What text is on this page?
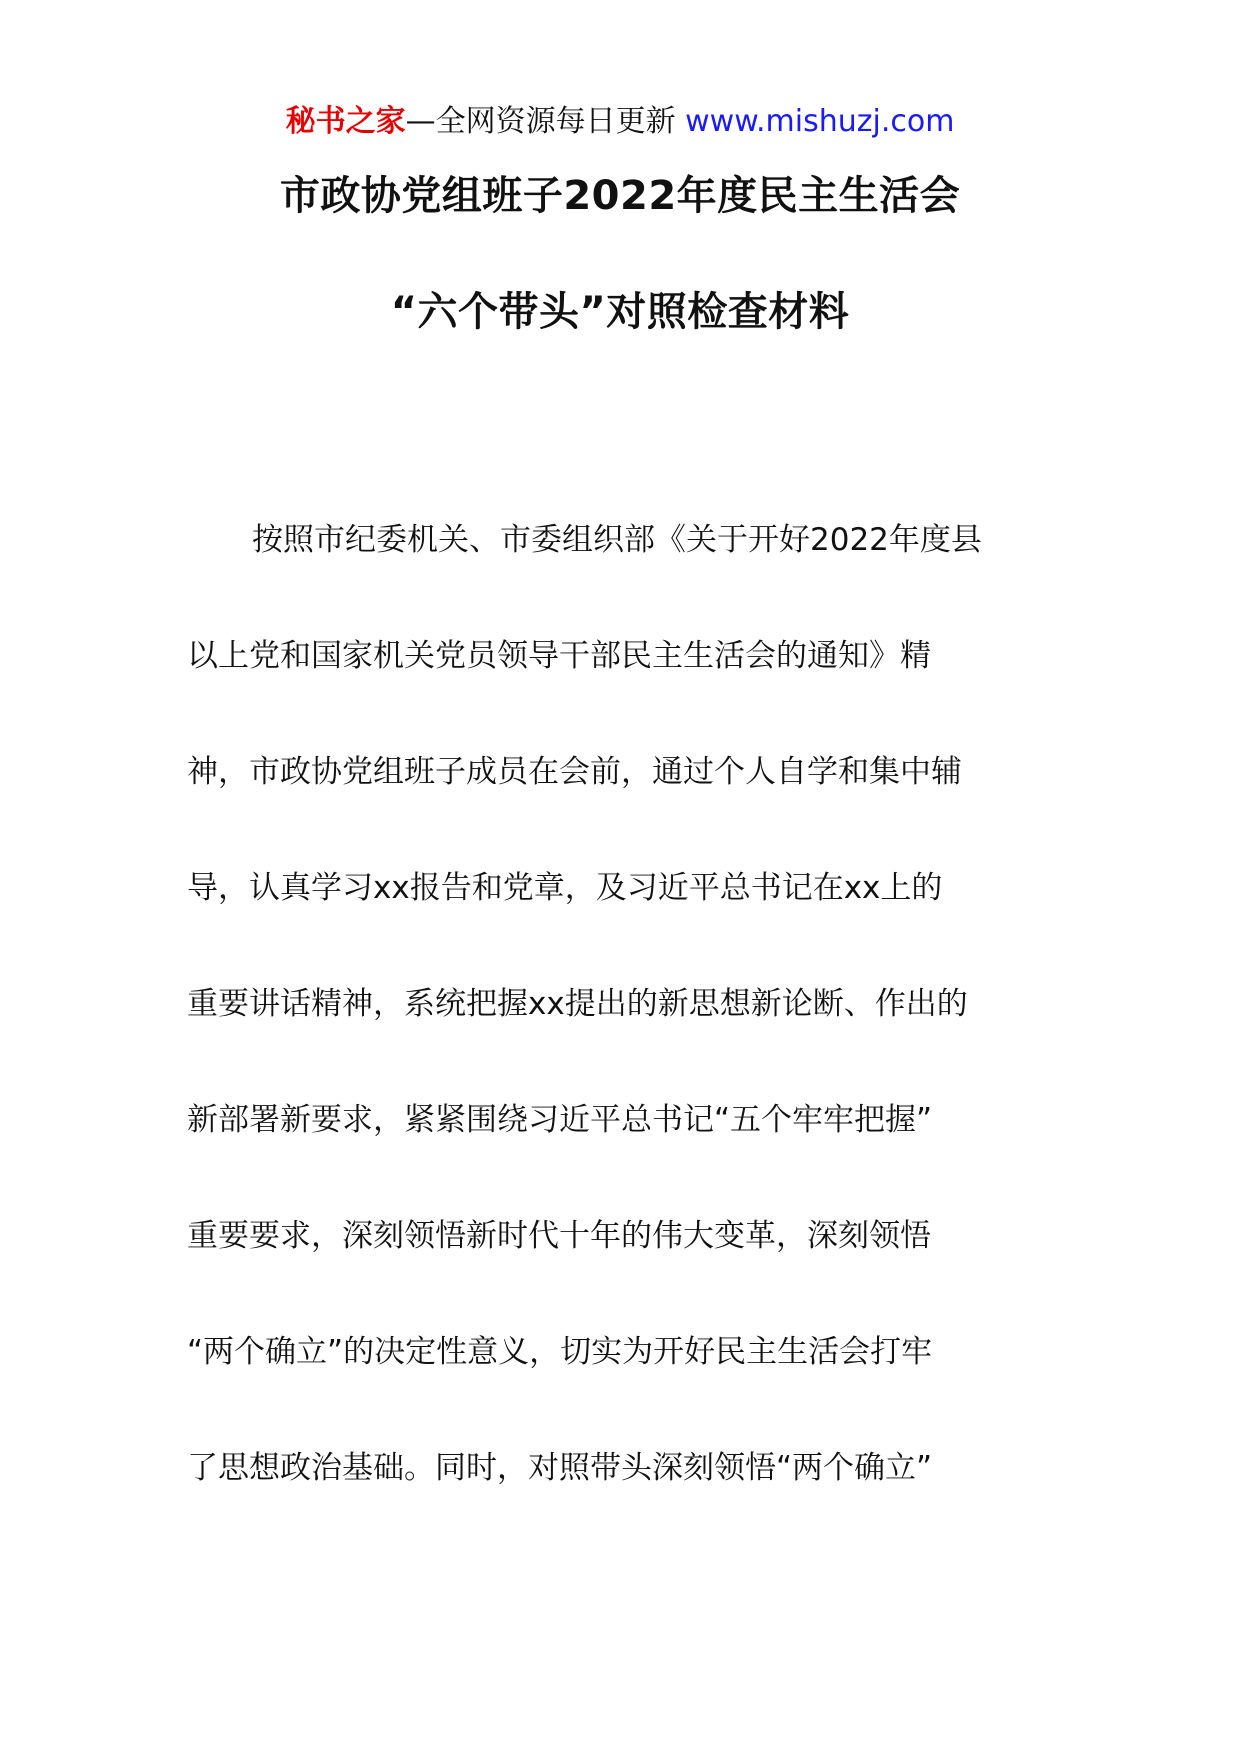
秘书之家—全网资源每日更新 www.mishuzj.com
市政协党组班子2022年度民主生活会
“六个带头”对照检查材料
按照市纪委机关、市委组织部《关于开好2022年度县
以上党和国家机关党员领导干部民主生活会的通知》精
神，市政协党组班子成员在会前，通过个人自学和集中辅
导，认真学习xx报告和党章，及习近平总书记在xx上的
重要讲话精神，系统把握xx提出的新思想新论断、作出的
新部署新要求，紧紧围绕习近平总书记“五个牢牢把握”
重要要求，深刻领悟新时代十年的伟大变革，深刻领悟
“两个确立”的决定性意义，切实为开好民主生活会打牢
了思想政治基础。同时，对照带头深刻领悟“两个确立”
